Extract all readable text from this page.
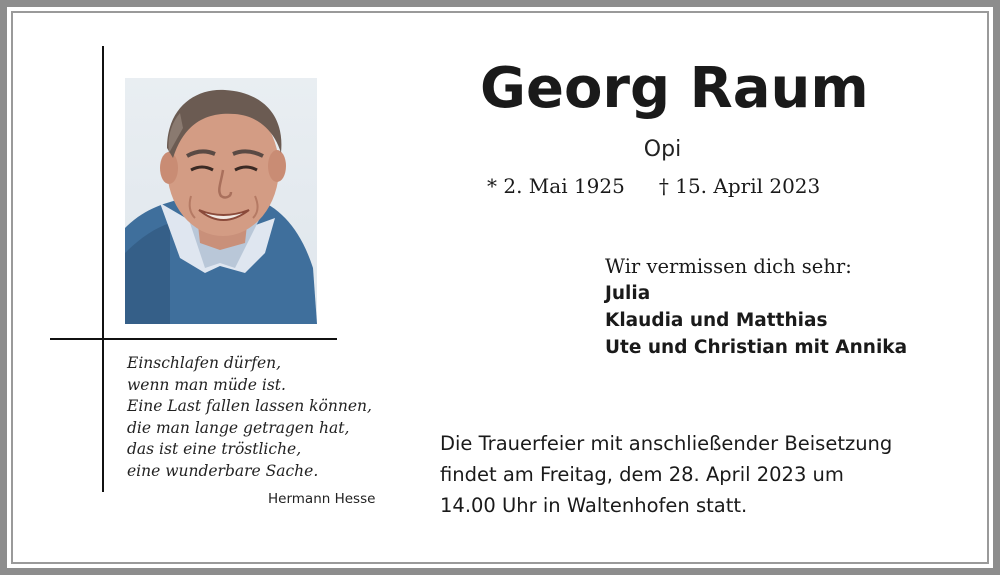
Einschlafen dürfen,
wenn man müde ist.
Eine Last fallen lassen können,
die man lange getragen hat,
das ist eine tröstliche,
eine wunderbare Sache.
Hermann Hesse
Georg Raum
Opi
* 2. Mai 1925 † 15. April 2023
Wir vermissen dich sehr:
Julia
Klaudia und Matthias
Ute und Christian mit Annika
Die Trauerfeier mit anschließender Beisetzung
findet am Freitag, dem 28. April 2023 um
14.00 Uhr in Waltenhofen statt.
